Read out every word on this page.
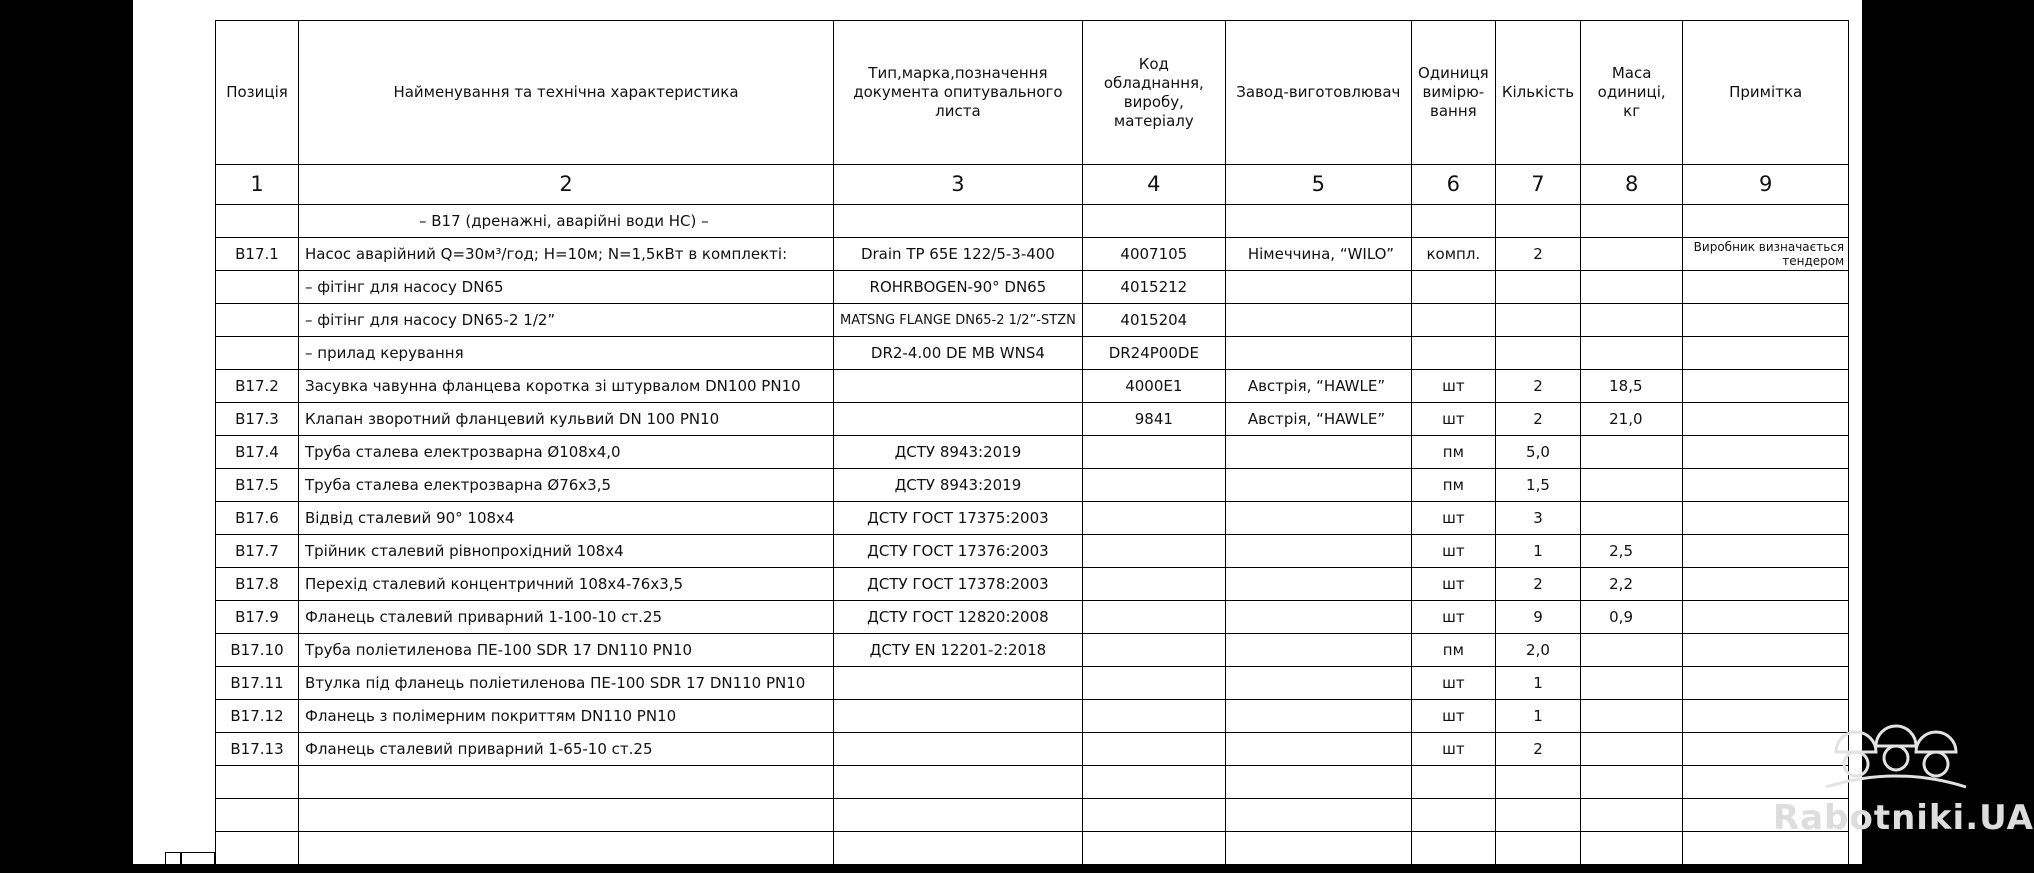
Позиція	Найменування та технічна характеристика	Тип,марка,позначення документа опитувального листа	Код обладнання, виробу, матеріалу	Завод-виготовлювач	Одиниця вимірю-вання	Кількість	Маса одиниці, кг	Примітка
1	2	3	4	5	6	7	8	9
	– В17 (дренажні, аварійні води НС) –							
В17.1	Насос аварійний Q=30м³/год; Н=10м; N=1,5кВт в комплекті:	Drain TP 65E 122/5-3-400	4007105	Німеччина, “WILO”	компл.	2		Виробник визначається тендером
	– фітінг для насосу DN65	ROHRBOGEN-90° DN65	4015212					
	– фітінг для насосу DN65-2 1/2”	MATSNG FLANGE DN65-2 1/2”-STZN	4015204					
	– прилад керування	DR2-4.00 DE MB WNS4	DR24P00DE					
В17.2	Засувка чавунна фланцева коротка зі штурвалом DN100 PN10		4000Е1	Австрія, “HAWLE”	шт	2	18,5	
В17.3	Клапан зворотний фланцевий кульвий DN 100 PN10		9841	Австрія, “HAWLE”	шт	2	21,0	
В17.4	Труба сталева електрозварна Ø108х4,0	ДСТУ 8943:2019			пм	5,0		
В17.5	Труба сталева електрозварна Ø76х3,5	ДСТУ 8943:2019			пм	1,5		
В17.6	Відвід сталевий 90° 108х4	ДСТУ ГОСТ 17375:2003			шт	3		
В17.7	Трійник сталевий рівнопрохідний 108х4	ДСТУ ГОСТ 17376:2003			шт	1	2,5	
В17.8	Перехід сталевий концентричний 108х4-76х3,5	ДСТУ ГОСТ 17378:2003			шт	2	2,2	
В17.9	Фланець сталевий приварний 1-100-10 ст.25	ДСТУ ГОСТ 12820:2008			шт	9	0,9	
В17.10	Труба поліетиленова ПЕ-100 SDR 17 DN110 PN10	ДСТУ EN 12201-2:2018			пм	2,0		
В17.11	Втулка під фланець поліетиленова ПЕ-100 SDR 17 DN110 PN10				шт	1		
В17.12	Фланець з полімерним покриттям DN110 PN10				шт	1		
В17.13	Фланець сталевий приварний 1-65-10 ст.25				шт	2		

Rabotniki.UA
